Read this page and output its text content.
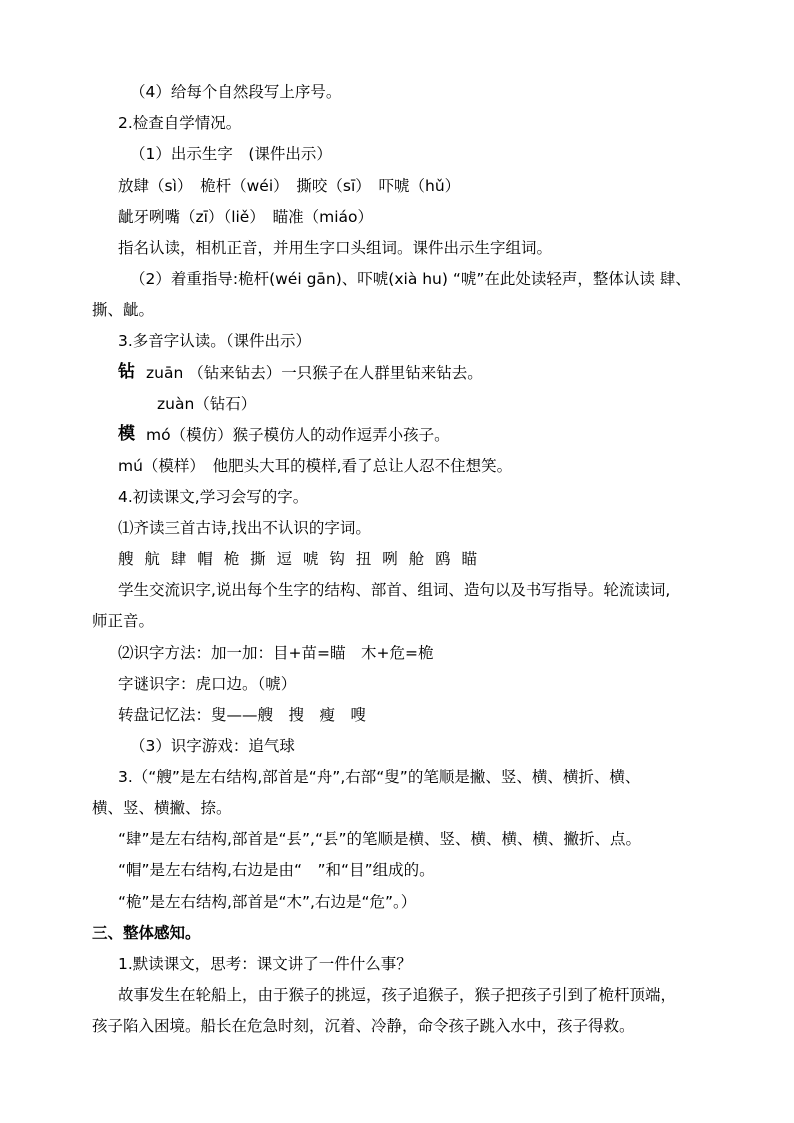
（4）给每个自然段写上序号。
2.检查自学情况。
（1）出示生字　(课件出示）
放肆（sì）　桅杆（wéi）　撕咬（sī）　吓唬（hǔ）
龇牙咧嘴（zī）（liě）　瞄准（miáo）
指名认读，相机正音，并用生字口头组词。课件出示生字组词。
（2）着重指导:桅杆(wéi gān)、吓唬(xià hu) “唬”在此处读轻声，整体认读 肆、
撕、龇。
3.多音字认读。（课件出示）
钻 zuān （钻来钻去）一只猴子在人群里钻来钻去。
zuàn（钻石）
模 mó（模仿）猴子模仿人的动作逗弄小孩子。
mú（模样）　他肥头大耳的模样,看了总让人忍不住想笑。
4.初读课文,学习会写的字。
⑴齐读三首古诗,找出不认识的字词。
艘 航 肆 帽 桅 撕 逗 唬 钩 扭 咧 舱 鸥 瞄
学生交流识字,说出每个生字的结构、部首、组词、造句以及书写指导。轮流读词,
师正音。
⑵识字方法：加一加：目+苗=瞄　木+危=桅
字谜识字：虎口边。（唬）
转盘记忆法：叟——艘　搜　瘦　嗖
（3）识字游戏：追气球
3.（“艘”是左右结构,部首是“舟”,右部“叟”的笔顺是撇、竖、横、横折、横、
横、竖、横撇、捺。
“肆”是左右结构,部首是“镸”,“镸”的笔顺是横、竖、横、横、横、撇折、点。
“帽”是左右结构,右边是由“　”和“目”组成的。
“桅”是左右结构,部首是“木”,右边是“危”。）
三、整体感知。
1.默读课文，思考：课文讲了一件什么事？
故事发生在轮船上，由于猴子的挑逗，孩子追猴子，猴子把孩子引到了桅杆顶端，
孩子陷入困境。船长在危急时刻，沉着、冷静，命令孩子跳入水中，孩子得救。
